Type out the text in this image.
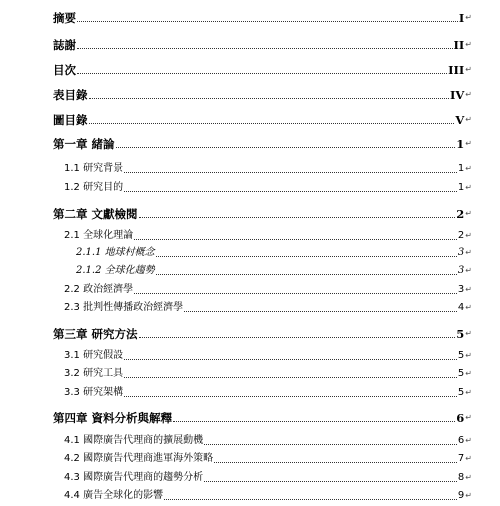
摘要	I ↵
誌謝	II ↵
目次	III ↵
表目錄	IV ↵
圖目錄	V ↵
第一章 緒論	1 ↵
1.1 研究背景	1 ↵
1.2 研究目的	1 ↵
第二章 文獻檢閱	2 ↵
2.1 全球化理論	2 ↵
2.1.1 地球村概念	3 ↵
2.1.2 全球化趨勢	3 ↵
2.2 政治經濟學	3 ↵
2.3 批判性傳播政治經濟學	4 ↵
第三章 研究方法	5 ↵
3.1 研究假設	5 ↵
3.2 研究工具	5 ↵
3.3 研究架構	5 ↵
第四章 資料分析與解釋	6 ↵
4.1 國際廣告代理商的擴展動機	6 ↵
4.2 國際廣告代理商進軍海外策略	7 ↵
4.3 國際廣告代理商的趨勢分析	8 ↵
4.4 廣告全球化的影響	9 ↵
